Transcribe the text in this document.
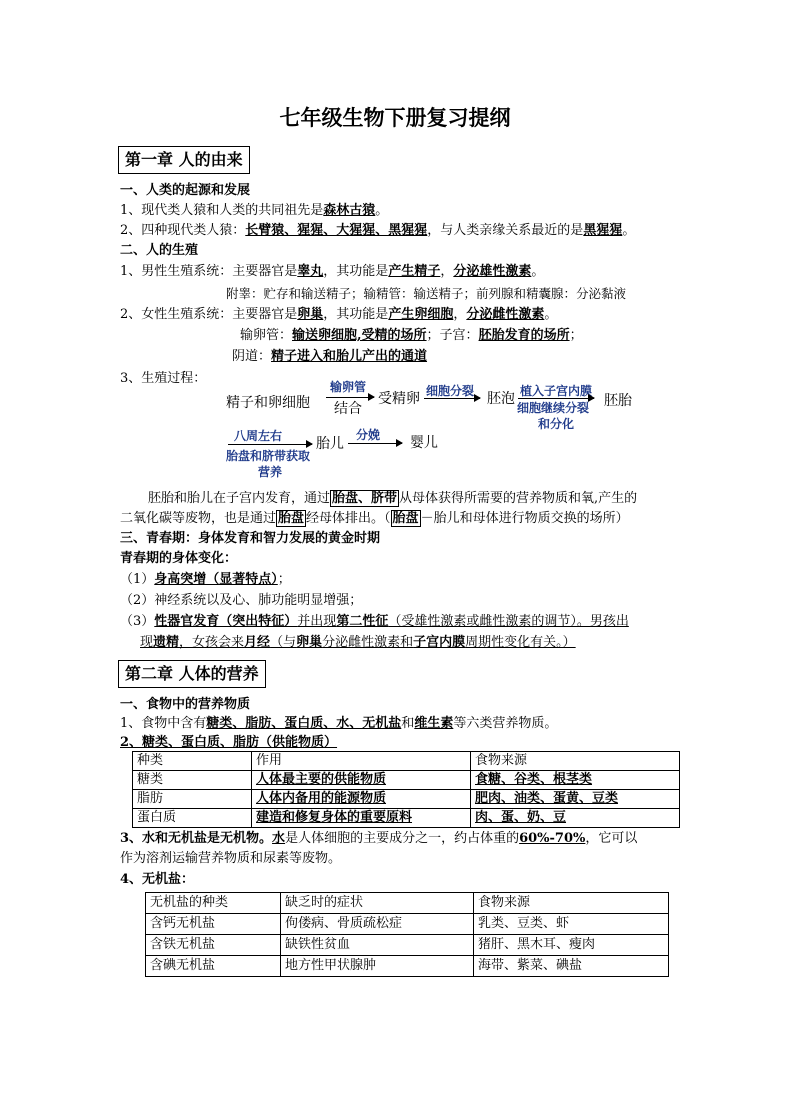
七年级生物下册复习提纲
第一章 人的由来
一、人类的起源和发展
1、现代类人猿和人类的共同祖先是森林古猿。
2、四种现代类人猿：长臂猿、猩猩、大猩猩、黑猩猩，与人类亲缘关系最近的是黑猩猩。
二、人的生殖
1、男性生殖系统：主要器官是睾丸，其功能是产生精子，分泌雄性激素。
附睾：贮存和输送精子；输精管：输送精子；前列腺和精囊腺：分泌黏液
2、女性生殖系统：主要器官是卵巢，其功能是产生卵细胞，分泌雌性激素。
输卵管：输送卵细胞,受精的场所；子宫：胚胎发育的场所；
阴道：精子进入和胎儿产出的通道
3、生殖过程：
精子和卵细胞
输卵管
结合
受精卵 细胞分裂 胚泡 植入子宫内膜
细胞继续分裂
和分化
胚胎
八周左右
胎盘和脐带获取
营养
胎儿
分娩 婴儿
胚胎和胎儿在子宫内发育，通过 胎盘、脐带 从母体获得所需要的营养物质和氧,产生的
二氧化碳等废物，也是通过 胎盘 经母体排出。（ 胎盘 －胎儿和母体进行物质交换的场所）
三、青春期：身体发育和智力发展的黄金时期
青春期的身体变化：
（1）身高突增（显著特点）；
（2）神经系统以及心、肺功能明显增强；
（3）性器官发育（突出特征）并出现第二性征（受雄性激素或雌性激素的调节）。男孩出
现遗精，女孩会来月经（与卵巢分泌雌性激素和子宫内膜周期性变化有关。）
第二章 人体的营养
一、食物中的营养物质
1、食物中含有糖类、脂肪、蛋白质、水、无机盐和维生素等六类营养物质。
2、糖类、蛋白质、脂肪（供能物质）
种类	作用	食物来源
糖类	人体最主要的供能物质	食糖、谷类、根茎类
脂肪	人体内备用的能源物质	肥肉、油类、蛋黄、豆类
蛋白质	建造和修复身体的重要原料	肉、蛋、奶、豆
3、水和无机盐是无机物。水是人体细胞的主要成分之一，约占体重的60%-70%，它可以
作为溶剂运输营养物质和尿素等废物。
4、无机盐：
无机盐的种类	缺乏时的症状	食物来源
含钙无机盐	佝偻病、骨质疏松症	乳类、豆类、虾
含铁无机盐	缺铁性贫血	猪肝、黑木耳、瘦肉
含碘无机盐	地方性甲状腺肿	海带、紫菜、碘盐
